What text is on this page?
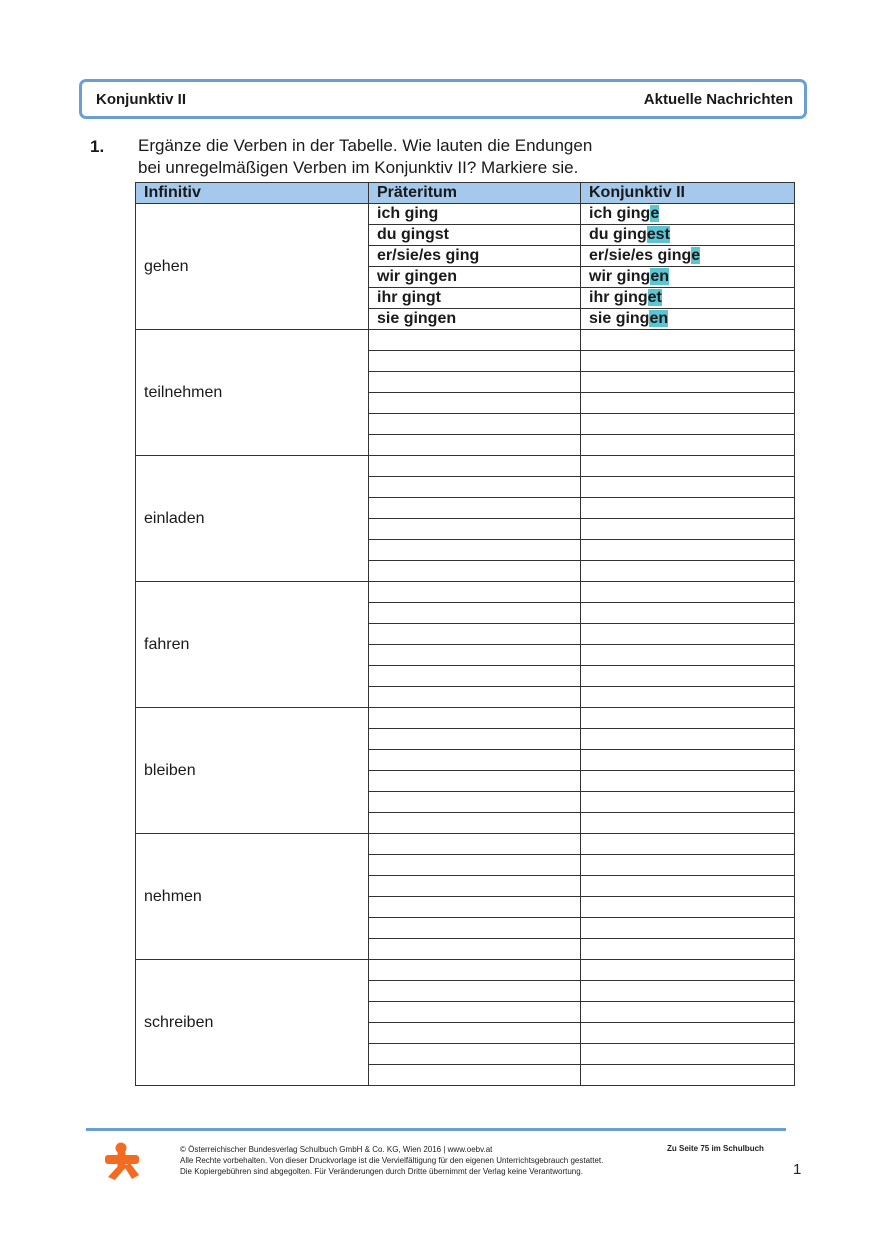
Konjunktiv II	Aktuelle Nachrichten
1. Ergänze die Verben in der Tabelle. Wie lauten die Endungen
bei unregelmäßigen Verben im Konjunktiv II? Markiere sie.
Infinitiv	Präteritum	Konjunktiv II
gehen	ich ging	ich ginge
	du gingst	du gingest
	er/sie/es ging	er/sie/es ginge
	wir gingen	wir gingen
	ihr gingt	ihr ginget
	sie gingen	sie gingen
teilnehmen		

einladen		

fahren		

bleiben		

nehmen		

schreiben		

© Österreichischer Bundesverlag Schulbuch GmbH & Co. KG, Wien 2016 | www.oebv.at
Alle Rechte vorbehalten. Von dieser Druckvorlage ist die Vervielfältigung für den eigenen Unterrichtsgebrauch gestattet.
Die Kopiergebühren sind abgegolten. Für Veränderungen durch Dritte übernimmt der Verlag keine Verantwortung.
Zu Seite 75 im Schulbuch
1
